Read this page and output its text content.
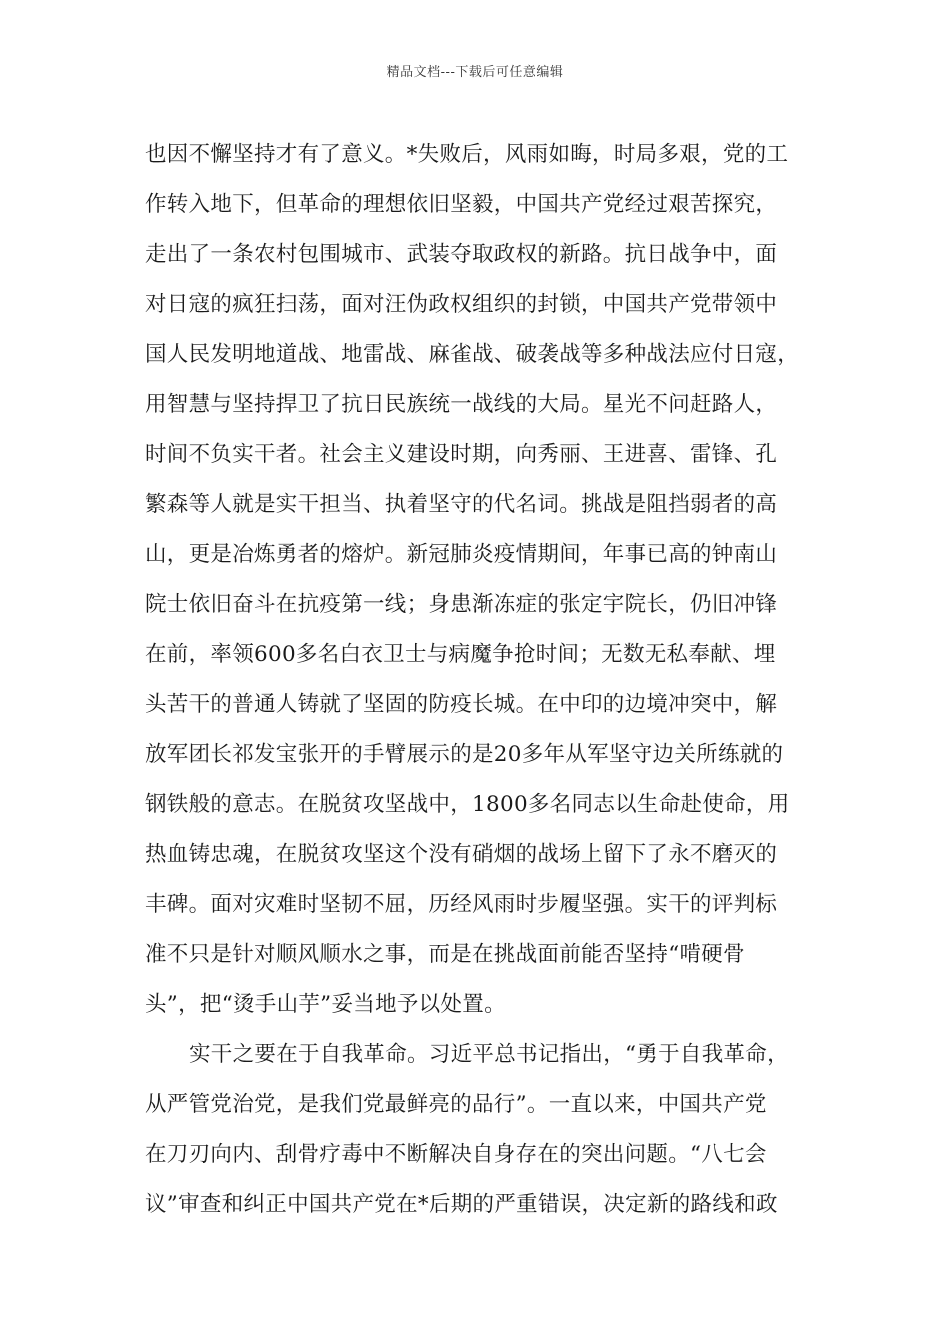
精品文档---下载后可任意编辑
也因不懈坚持才有了意义。*失败后，风雨如晦，时局多艰，党的工
作转入地下，但革命的理想依旧坚毅，中国共产党经过艰苦探究，
走出了一条农村包围城市、武装夺取政权的新路。抗日战争中，面
对日寇的疯狂扫荡，面对汪伪政权组织的封锁，中国共产党带领中
国人民发明地道战、地雷战、麻雀战、破袭战等多种战法应付日寇，
用智慧与坚持捍卫了抗日民族统一战线的大局。星光不问赶路人，
时间不负实干者。社会主义建设时期，向秀丽、王进喜、雷锋、孔
繁森等人就是实干担当、执着坚守的代名词。挑战是阻挡弱者的高
山，更是冶炼勇者的熔炉。新冠肺炎疫情期间，年事已高的钟南山
院士依旧奋斗在抗疫第一线；身患渐冻症的张定宇院长，仍旧冲锋
在前，率领600多名白衣卫士与病魔争抢时间；无数无私奉献、埋
头苦干的普通人铸就了坚固的防疫长城。在中印的边境冲突中，解
放军团长祁发宝张开的手臂展示的是20多年从军坚守边关所练就的
钢铁般的意志。在脱贫攻坚战中，1800多名同志以生命赴使命，用
热血铸忠魂，在脱贫攻坚这个没有硝烟的战场上留下了永不磨灭的
丰碑。面对灾难时坚韧不屈，历经风雨时步履坚强。实干的评判标
准不只是针对顺风顺水之事，而是在挑战面前能否坚持“啃硬骨
头”，把“烫手山芋”妥当地予以处置。
实干之要在于自我革命。习近平总书记指出，“勇于自我革命，
从严管党治党，是我们党最鲜亮的品行”。一直以来，中国共产党
在刀刃向内、刮骨疗毒中不断解决自身存在的突出问题。“八七会
议”审查和纠正中国共产党在*后期的严重错误，决定新的路线和政
